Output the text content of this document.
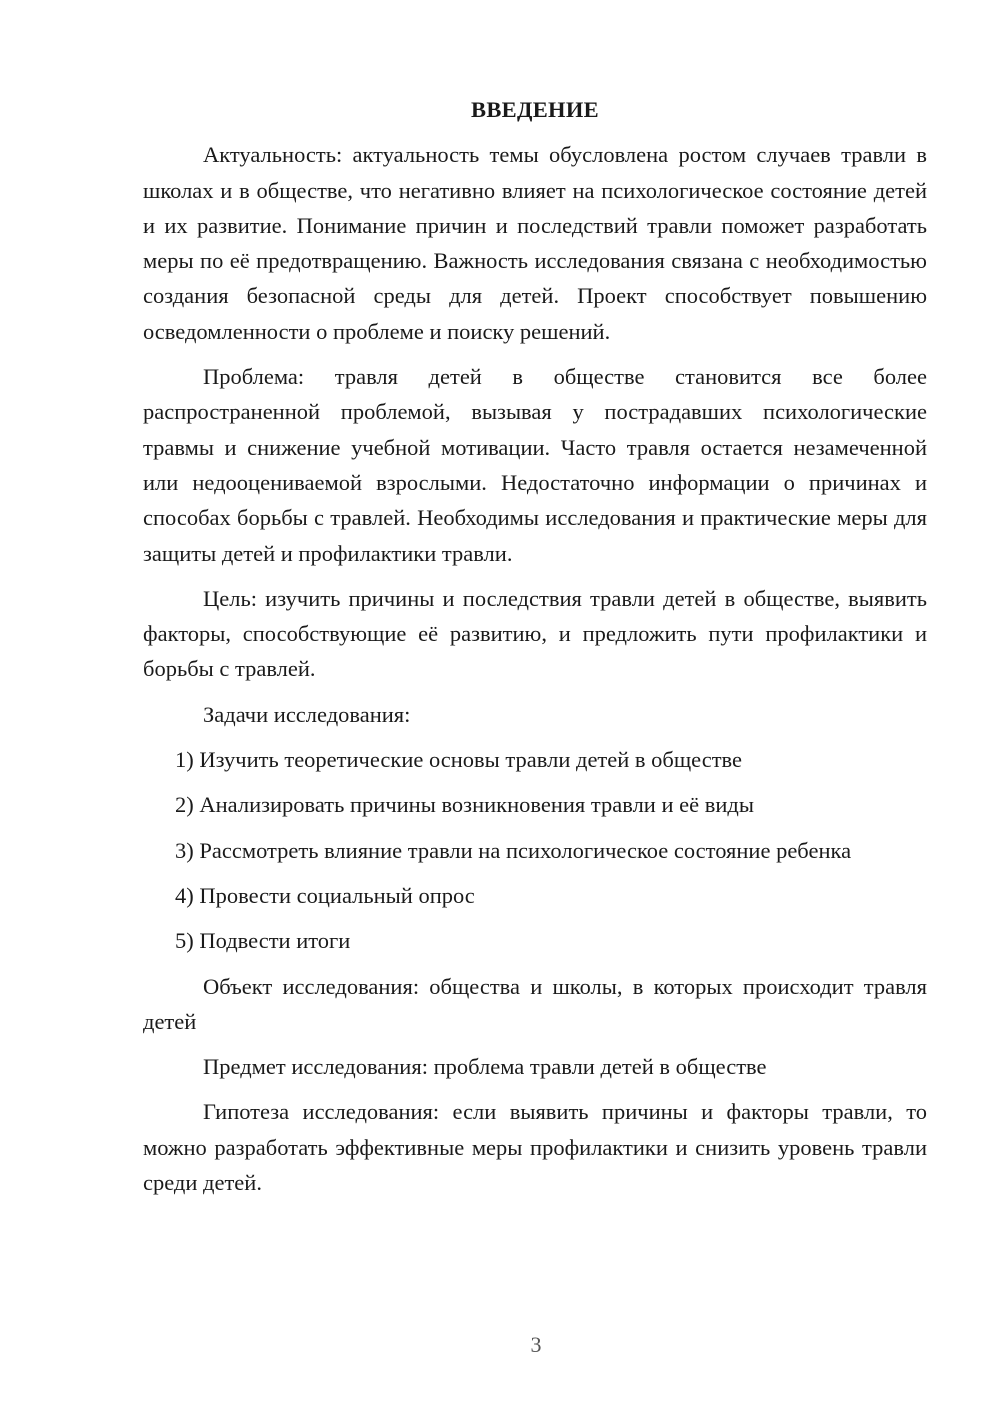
ВВЕДЕНИЕ

Актуальность: актуальность темы обусловлена ростом случаев травли в школах и в обществе, что негативно влияет на психологическое состояние детей и их развитие. Понимание причин и последствий травли поможет разработать меры по её предотвращению. Важность исследования связана с необходимостью создания безопасной среды для детей. Проект способствует повышению осведомленности о проблеме и поиску решений.

Проблема: травля детей в обществе становится все более распространенной проблемой, вызывая у пострадавших психологические травмы и снижение учебной мотивации. Часто травля остается незамеченной или недооцениваемой взрослыми. Недостаточно информации о причинах и способах борьбы с травлей. Необходимы исследования и практические меры для защиты детей и профилактики травли.

Цель: изучить причины и последствия травли детей в обществе, выявить факторы, способствующие её развитию, и предложить пути профилактики и борьбы с травлей.

Задачи исследования:

1) Изучить теоретические основы травли детей в обществе
2) Анализировать причины возникновения травли и её виды
3) Рассмотреть влияние травли на психологическое состояние ребенка
4) Провести социальный опрос
5) Подвести итоги

Объект исследования: общества и школы, в которых происходит травля детей

Предмет исследования: проблема травли детей в обществе

Гипотеза исследования: если выявить причины и факторы травли, то можно разработать эффективные меры профилактики и снизить уровень травли среди детей.

3
